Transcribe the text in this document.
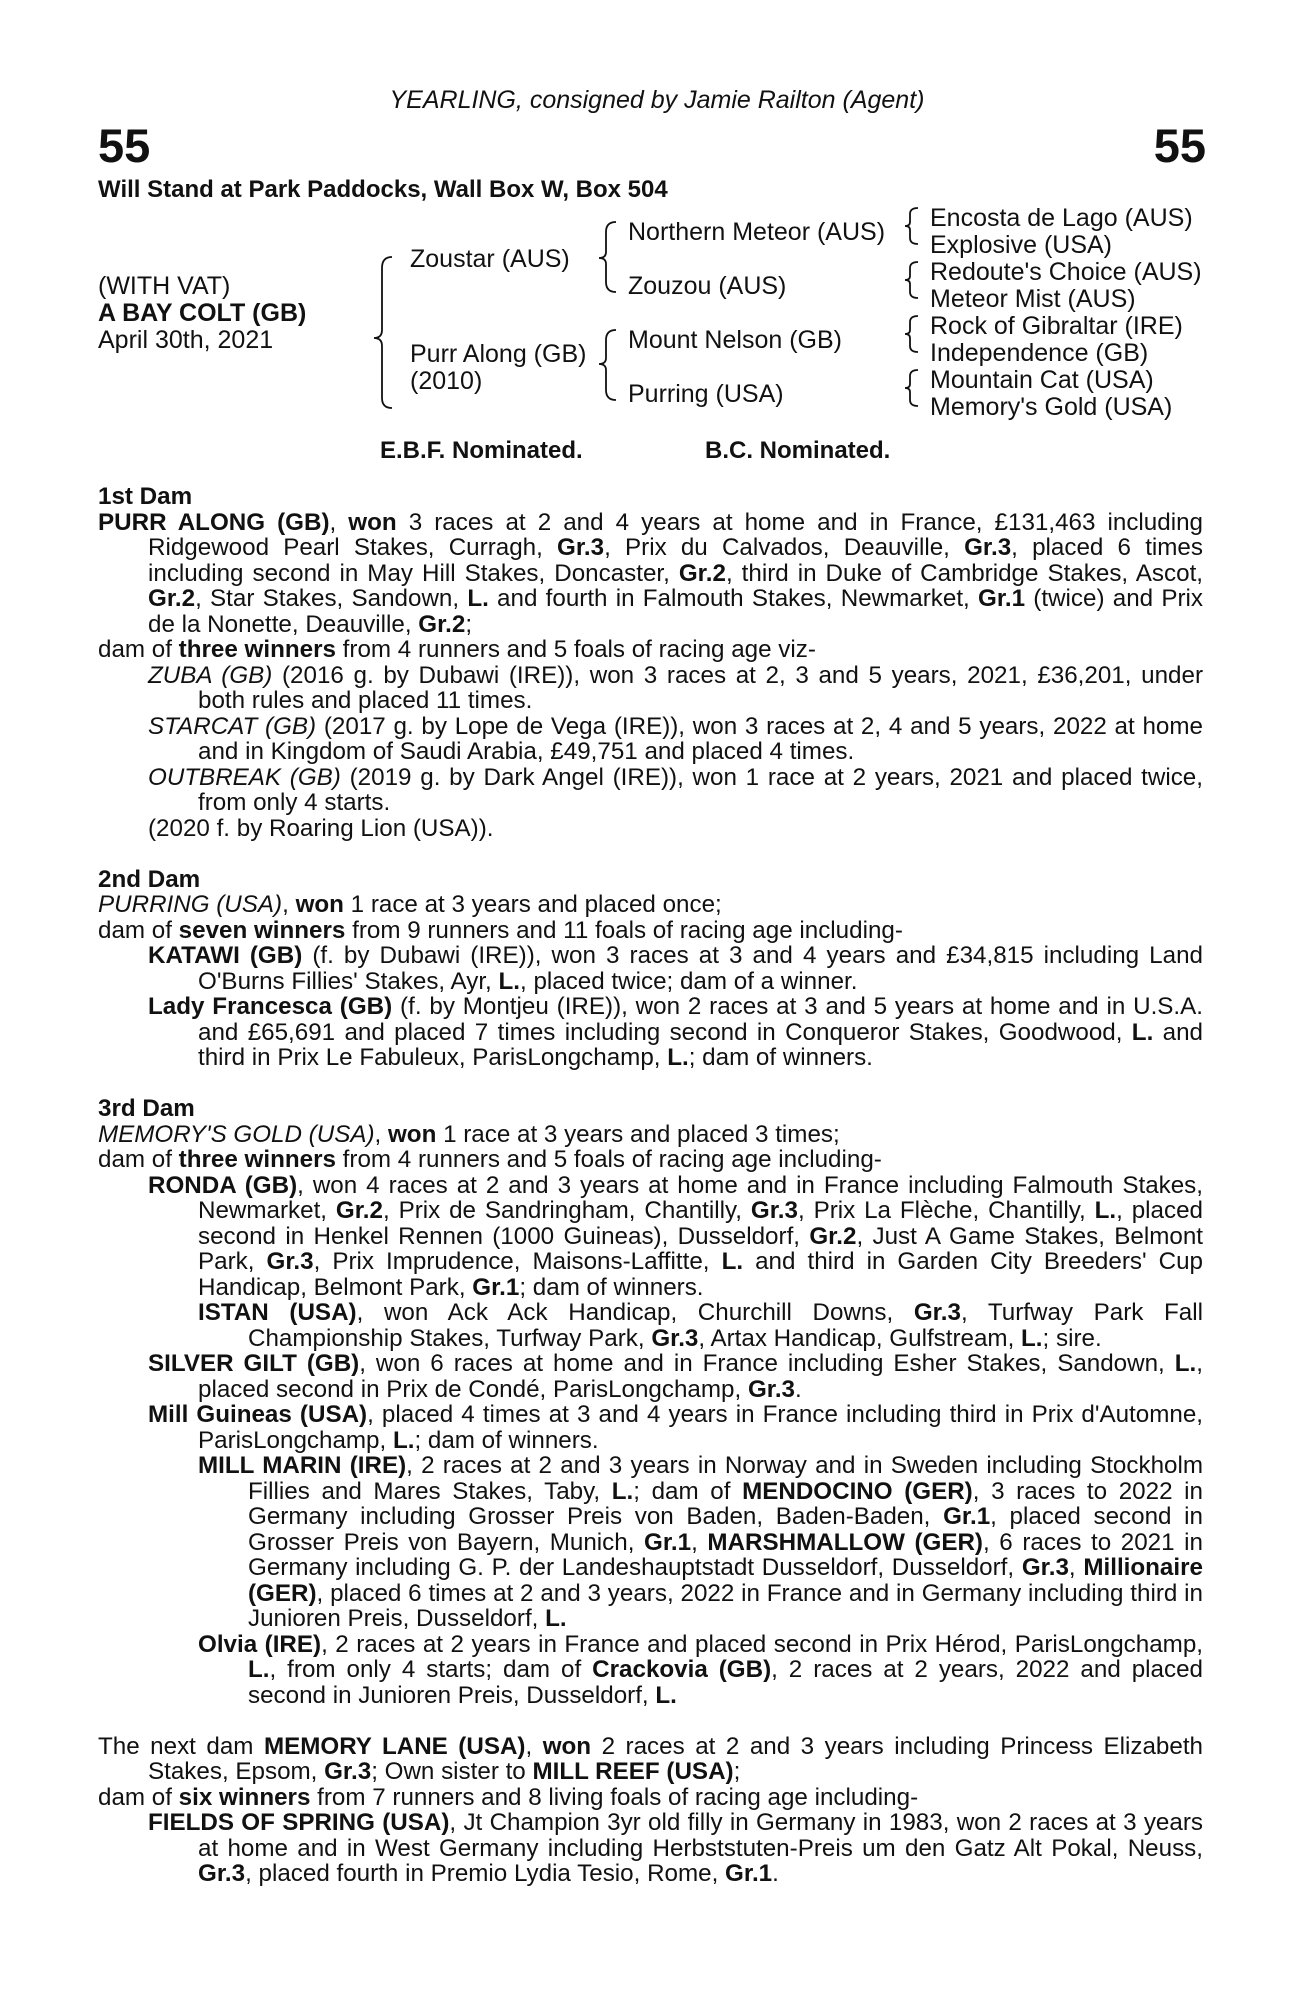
YEARLING, consigned by Jamie Railton (Agent)
55	55
Will Stand at Park Paddocks, Wall Box W, Box 504
(WITH VAT)
A BAY COLT (GB)
April 30th, 2021
Zoustar (AUS)
Purr Along (GB)
(2010)
Northern Meteor (AUS)
Zouzou (AUS)
Mount Nelson (GB)
Purring (USA)
Encosta de Lago (AUS)
Explosive (USA)
Redoute's Choice (AUS)
Meteor Mist (AUS)
Rock of Gibraltar (IRE)
Independence (GB)
Mountain Cat (USA)
Memory's Gold (USA)
E.B.F. Nominated.	B.C. Nominated.

1st Dam

PURR ALONG (GB), won 3 races at 2 and 4 years at home and in France, £131,463 including Ridgewood Pearl Stakes, Curragh, Gr.3, Prix du Calvados, Deauville, Gr.3, placed 6 times including second in May Hill Stakes, Doncaster, Gr.2, third in Duke of Cambridge Stakes, Ascot, Gr.2, Star Stakes, Sandown, L. and fourth in Falmouth Stakes, Newmarket, Gr.1 (twice) and Prix de la Nonette, Deauville, Gr.2;

dam of three winners from 4 runners and 5 foals of racing age viz-

ZUBA (GB) (2016 g. by Dubawi (IRE)), won 3 races at 2, 3 and 5 years, 2021, £36,201, under both rules and placed 11 times.

STARCAT (GB) (2017 g. by Lope de Vega (IRE)), won 3 races at 2, 4 and 5 years, 2022 at home and in Kingdom of Saudi Arabia, £49,751 and placed 4 times.

OUTBREAK (GB) (2019 g. by Dark Angel (IRE)), won 1 race at 2 years, 2021 and placed twice, from only 4 starts.

(2020 f. by Roaring Lion (USA)).

2nd Dam

PURRING (USA), won 1 race at 3 years and placed once;

dam of seven winners from 9 runners and 11 foals of racing age including-

KATAWI (GB) (f. by Dubawi (IRE)), won 3 races at 3 and 4 years and £34,815 including Land O'Burns Fillies' Stakes, Ayr, L., placed twice; dam of a winner.

Lady Francesca (GB) (f. by Montjeu (IRE)), won 2 races at 3 and 5 years at home and in U.S.A. and £65,691 and placed 7 times including second in Conqueror Stakes, Goodwood, L. and third in Prix Le Fabuleux, ParisLongchamp, L.; dam of winners.

3rd Dam

MEMORY'S GOLD (USA), won 1 race at 3 years and placed 3 times;

dam of three winners from 4 runners and 5 foals of racing age including-

RONDA (GB), won 4 races at 2 and 3 years at home and in France including Falmouth Stakes, Newmarket, Gr.2, Prix de Sandringham, Chantilly, Gr.3, Prix La Flèche, Chantilly, L., placed second in Henkel Rennen (1000 Guineas), Dusseldorf, Gr.2, Just A Game Stakes, Belmont Park, Gr.3, Prix Imprudence, Maisons-Laffitte, L. and third in Garden City Breeders' Cup Handicap, Belmont Park, Gr.1; dam of winners.

ISTAN (USA), won Ack Ack Handicap, Churchill Downs, Gr.3, Turfway Park Fall Championship Stakes, Turfway Park, Gr.3, Artax Handicap, Gulfstream, L.; sire.

SILVER GILT (GB), won 6 races at home and in France including Esher Stakes, Sandown, L., placed second in Prix de Condé, ParisLongchamp, Gr.3.

Mill Guineas (USA), placed 4 times at 3 and 4 years in France including third in Prix d'Automne, ParisLongchamp, L.; dam of winners.

MILL MARIN (IRE), 2 races at 2 and 3 years in Norway and in Sweden including Stockholm Fillies and Mares Stakes, Taby, L.; dam of MENDOCINO (GER), 3 races to 2022 in Germany including Grosser Preis von Baden, Baden-Baden, Gr.1, placed second in Grosser Preis von Bayern, Munich, Gr.1, MARSHMALLOW (GER), 6 races to 2021 in Germany including G. P. der Landeshauptstadt Dusseldorf, Dusseldorf, Gr.3, Millionaire (GER), placed 6 times at 2 and 3 years, 2022 in France and in Germany including third in Junioren Preis, Dusseldorf, L.

Olvia (IRE), 2 races at 2 years in France and placed second in Prix Hérod, ParisLongchamp, L., from only 4 starts; dam of Crackovia (GB), 2 races at 2 years, 2022 and placed second in Junioren Preis, Dusseldorf, L.

The next dam MEMORY LANE (USA), won 2 races at 2 and 3 years including Princess Elizabeth Stakes, Epsom, Gr.3; Own sister to MILL REEF (USA);

dam of six winners from 7 runners and 8 living foals of racing age including-

FIELDS OF SPRING (USA), Jt Champion 3yr old filly in Germany in 1983, won 2 races at 3 years at home and in West Germany including Herbststuten-Preis um den Gatz Alt Pokal, Neuss, Gr.3, placed fourth in Premio Lydia Tesio, Rome, Gr.1.
